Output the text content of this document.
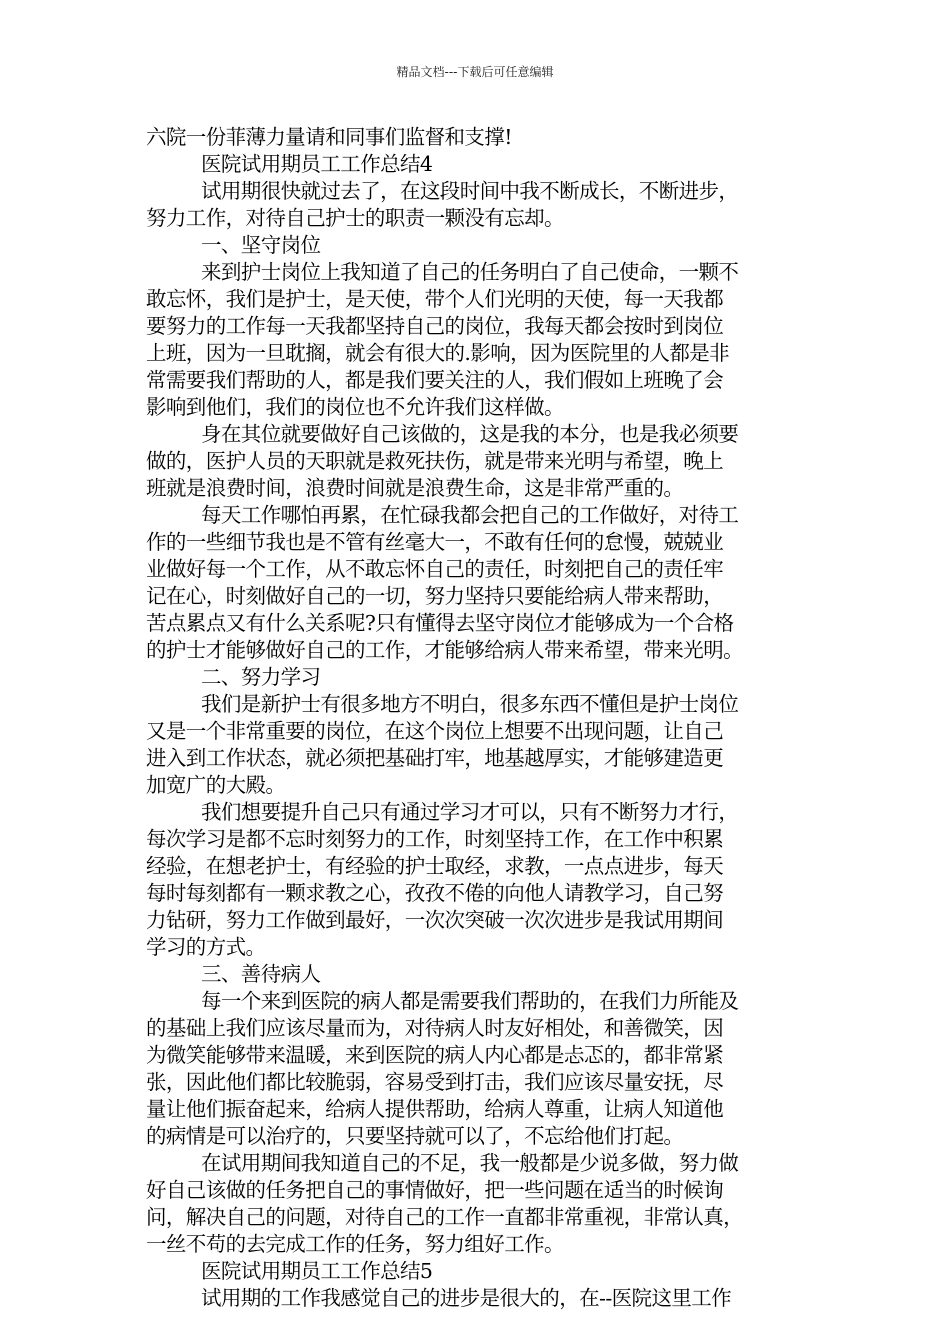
精品文档---下载后可任意编辑
六院一份菲薄力量请和同事们监督和支撑!
医院试用期员工工作总结4
试用期很快就过去了，在这段时间中我不断成长，不断进步，
努力工作，对待自己护士的职责一颗没有忘却。
一、坚守岗位
来到护士岗位上我知道了自己的任务明白了自己使命，一颗不
敢忘怀，我们是护士，是天使，带个人们光明的天使，每一天我都
要努力的工作每一天我都坚持自己的岗位，我每天都会按时到岗位
上班，因为一旦耽搁，就会有很大的.影响，因为医院里的人都是非
常需要我们帮助的人，都是我们要关注的人，我们假如上班晚了会
影响到他们，我们的岗位也不允许我们这样做。
身在其位就要做好自己该做的，这是我的本分，也是我必须要
做的，医护人员的天职就是救死扶伤，就是带来光明与希望，晚上
班就是浪费时间，浪费时间就是浪费生命，这是非常严重的。
每天工作哪怕再累，在忙碌我都会把自己的工作做好，对待工
作的一些细节我也是不管有丝毫大一，不敢有任何的怠慢，兢兢业
业做好每一个工作，从不敢忘怀自己的责任，时刻把自己的责任牢
记在心，时刻做好自己的一切，努力坚持只要能给病人带来帮助，
苦点累点又有什么关系呢?只有懂得去坚守岗位才能够成为一个合格
的护士才能够做好自己的工作，才能够给病人带来希望，带来光明。
二、努力学习
我们是新护士有很多地方不明白，很多东西不懂但是护士岗位
又是一个非常重要的岗位，在这个岗位上想要不出现问题，让自己
进入到工作状态，就必须把基础打牢，地基越厚实，才能够建造更
加宽广的大殿。
我们想要提升自己只有通过学习才可以，只有不断努力才行，
每次学习是都不忘时刻努力的工作，时刻坚持工作，在工作中积累
经验，在想老护士，有经验的护士取经，求教，一点点进步，每天
每时每刻都有一颗求教之心，孜孜不倦的向他人请教学习，自己努
力钻研，努力工作做到最好，一次次突破一次次进步是我试用期间
学习的方式。
三、善待病人
每一个来到医院的病人都是需要我们帮助的，在我们力所能及
的基础上我们应该尽量而为，对待病人时友好相处，和善微笑，因
为微笑能够带来温暖，来到医院的病人内心都是忐忑的，都非常紧
张，因此他们都比较脆弱，容易受到打击，我们应该尽量安抚，尽
量让他们振奋起来，给病人提供帮助，给病人尊重，让病人知道他
的病情是可以治疗的，只要坚持就可以了，不忘给他们打起。
在试用期间我知道自己的不足，我一般都是少说多做，努力做
好自己该做的任务把自己的事情做好，把一些问题在适当的时候询
问，解决自己的问题，对待自己的工作一直都非常重视，非常认真，
一丝不苟的去完成工作的任务，努力组好工作。
医院试用期员工工作总结5
试用期的工作我感觉自己的进步是很大的，在--医院这里工作
